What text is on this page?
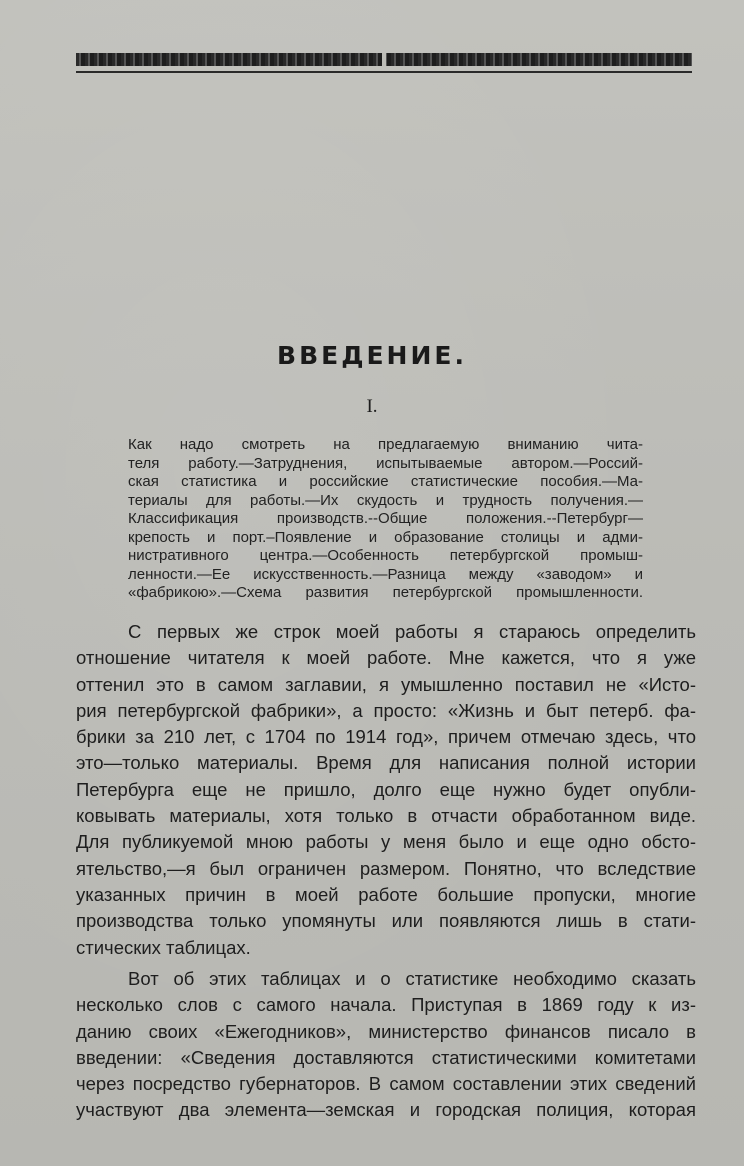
ВВЕДЕНИЕ.
I.
Как надо смотреть на предлагаемую вниманию чита-
теля работу.—Затруднения, испытываемые автором.—Россий-
ская статистика и российские статистические пособия.—Ма-
териалы для работы.—Их скудость и трудность получения.—
Классификация производств.--Общие положения.--Петербург—
крепость и порт.–Появление и образование столицы и адми-
нистративного центра.—Особенность петербургской промыш-
ленности.—Ее искусственность.—Разница между «заводом» и
«фабрикою».—Схема развития петербургской промышленности.
С первых же строк моей работы я стараюсь определить
отношение читателя к моей работе. Мне кажется, что я уже
оттенил это в самом заглавии, я умышленно поставил не «Исто-
рия петербургской фабрики», а просто: «Жизнь и быт петерб. фа-
брики за 210 лет, с 1704 по 1914 год», причем отмечаю здесь, что
это—только материалы. Время для написания полной истории
Петербурга еще не пришло, долго еще нужно будет опубли-
ковывать материалы, хотя только в отчасти обработанном виде.
Для публикуемой мною работы у меня было и еще одно обсто-
ятельство,—я был ограничен размером. Понятно, что вследствие
указанных причин в моей работе большие пропуски, многие
производства только упомянуты или появляются лишь в стати-
стических таблицах.
Вот об этих таблицах и о статистике необходимо сказать
несколько слов с самого начала. Приступая в 1869 году к из-
данию своих «Ежегодников», министерство финансов писало в
введении: «Сведения доставляются статистическими комитетами
через посредство губернаторов. В самом составлении этих сведений
участвуют два элемента—земская и городская полиция, которая
